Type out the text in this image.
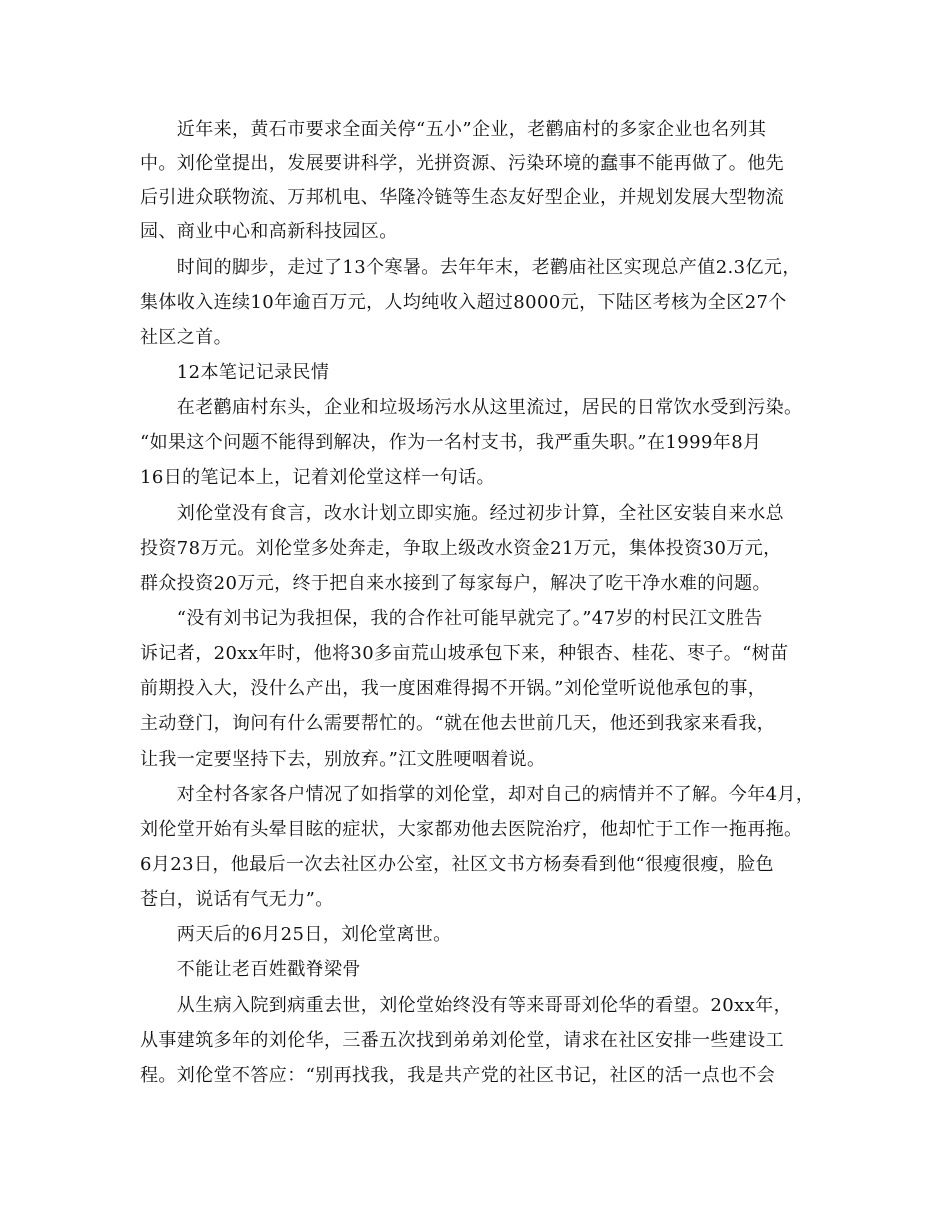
　　近年来，黄石市要求全面关停“五小”企业，老鹳庙村的多家企业也名列其
中。刘伦堂提出，发展要讲科学，光拼资源、污染环境的蠢事不能再做了。他先
后引进众联物流、万邦机电、华隆冷链等生态友好型企业，并规划发展大型物流
园、商业中心和高新科技园区。
　　时间的脚步，走过了13个寒暑。去年年末，老鹳庙社区实现总产值2.3亿元，
集体收入连续10年逾百万元，人均纯收入超过8000元，下陆区考核为全区27个
社区之首。
　　12本笔记记录民情
　　在老鹳庙村东头，企业和垃圾场污水从这里流过，居民的日常饮水受到污染。
“如果这个问题不能得到解决，作为一名村支书，我严重失职。”在1999年8月
16日的笔记本上，记着刘伦堂这样一句话。
　　刘伦堂没有食言，改水计划立即实施。经过初步计算，全社区安装自来水总
投资78万元。刘伦堂多处奔走，争取上级改水资金21万元，集体投资30万元，
群众投资20万元，终于把自来水接到了每家每户，解决了吃干净水难的问题。
　　“没有刘书记为我担保，我的合作社可能早就完了。”47岁的村民江文胜告
诉记者，20xx年时，他将30多亩荒山坡承包下来，种银杏、桂花、枣子。“树苗
前期投入大，没什么产出，我一度困难得揭不开锅。”刘伦堂听说他承包的事，
主动登门，询问有什么需要帮忙的。“就在他去世前几天，他还到我家来看我，
让我一定要坚持下去，别放弃。”江文胜哽咽着说。
　　对全村各家各户情况了如指掌的刘伦堂，却对自己的病情并不了解。今年4月，
刘伦堂开始有头晕目眩的症状，大家都劝他去医院治疗，他却忙于工作一拖再拖。
6月23日，他最后一次去社区办公室，社区文书方杨奏看到他“很瘦很瘦，脸色
苍白，说话有气无力”。
　　两天后的6月25日，刘伦堂离世。
　　不能让老百姓戳脊梁骨
　　从生病入院到病重去世，刘伦堂始终没有等来哥哥刘伦华的看望。20xx年，
从事建筑多年的刘伦华，三番五次找到弟弟刘伦堂，请求在社区安排一些建设工
程。刘伦堂不答应：“别再找我，我是共产党的社区书记，社区的活一点也不会
